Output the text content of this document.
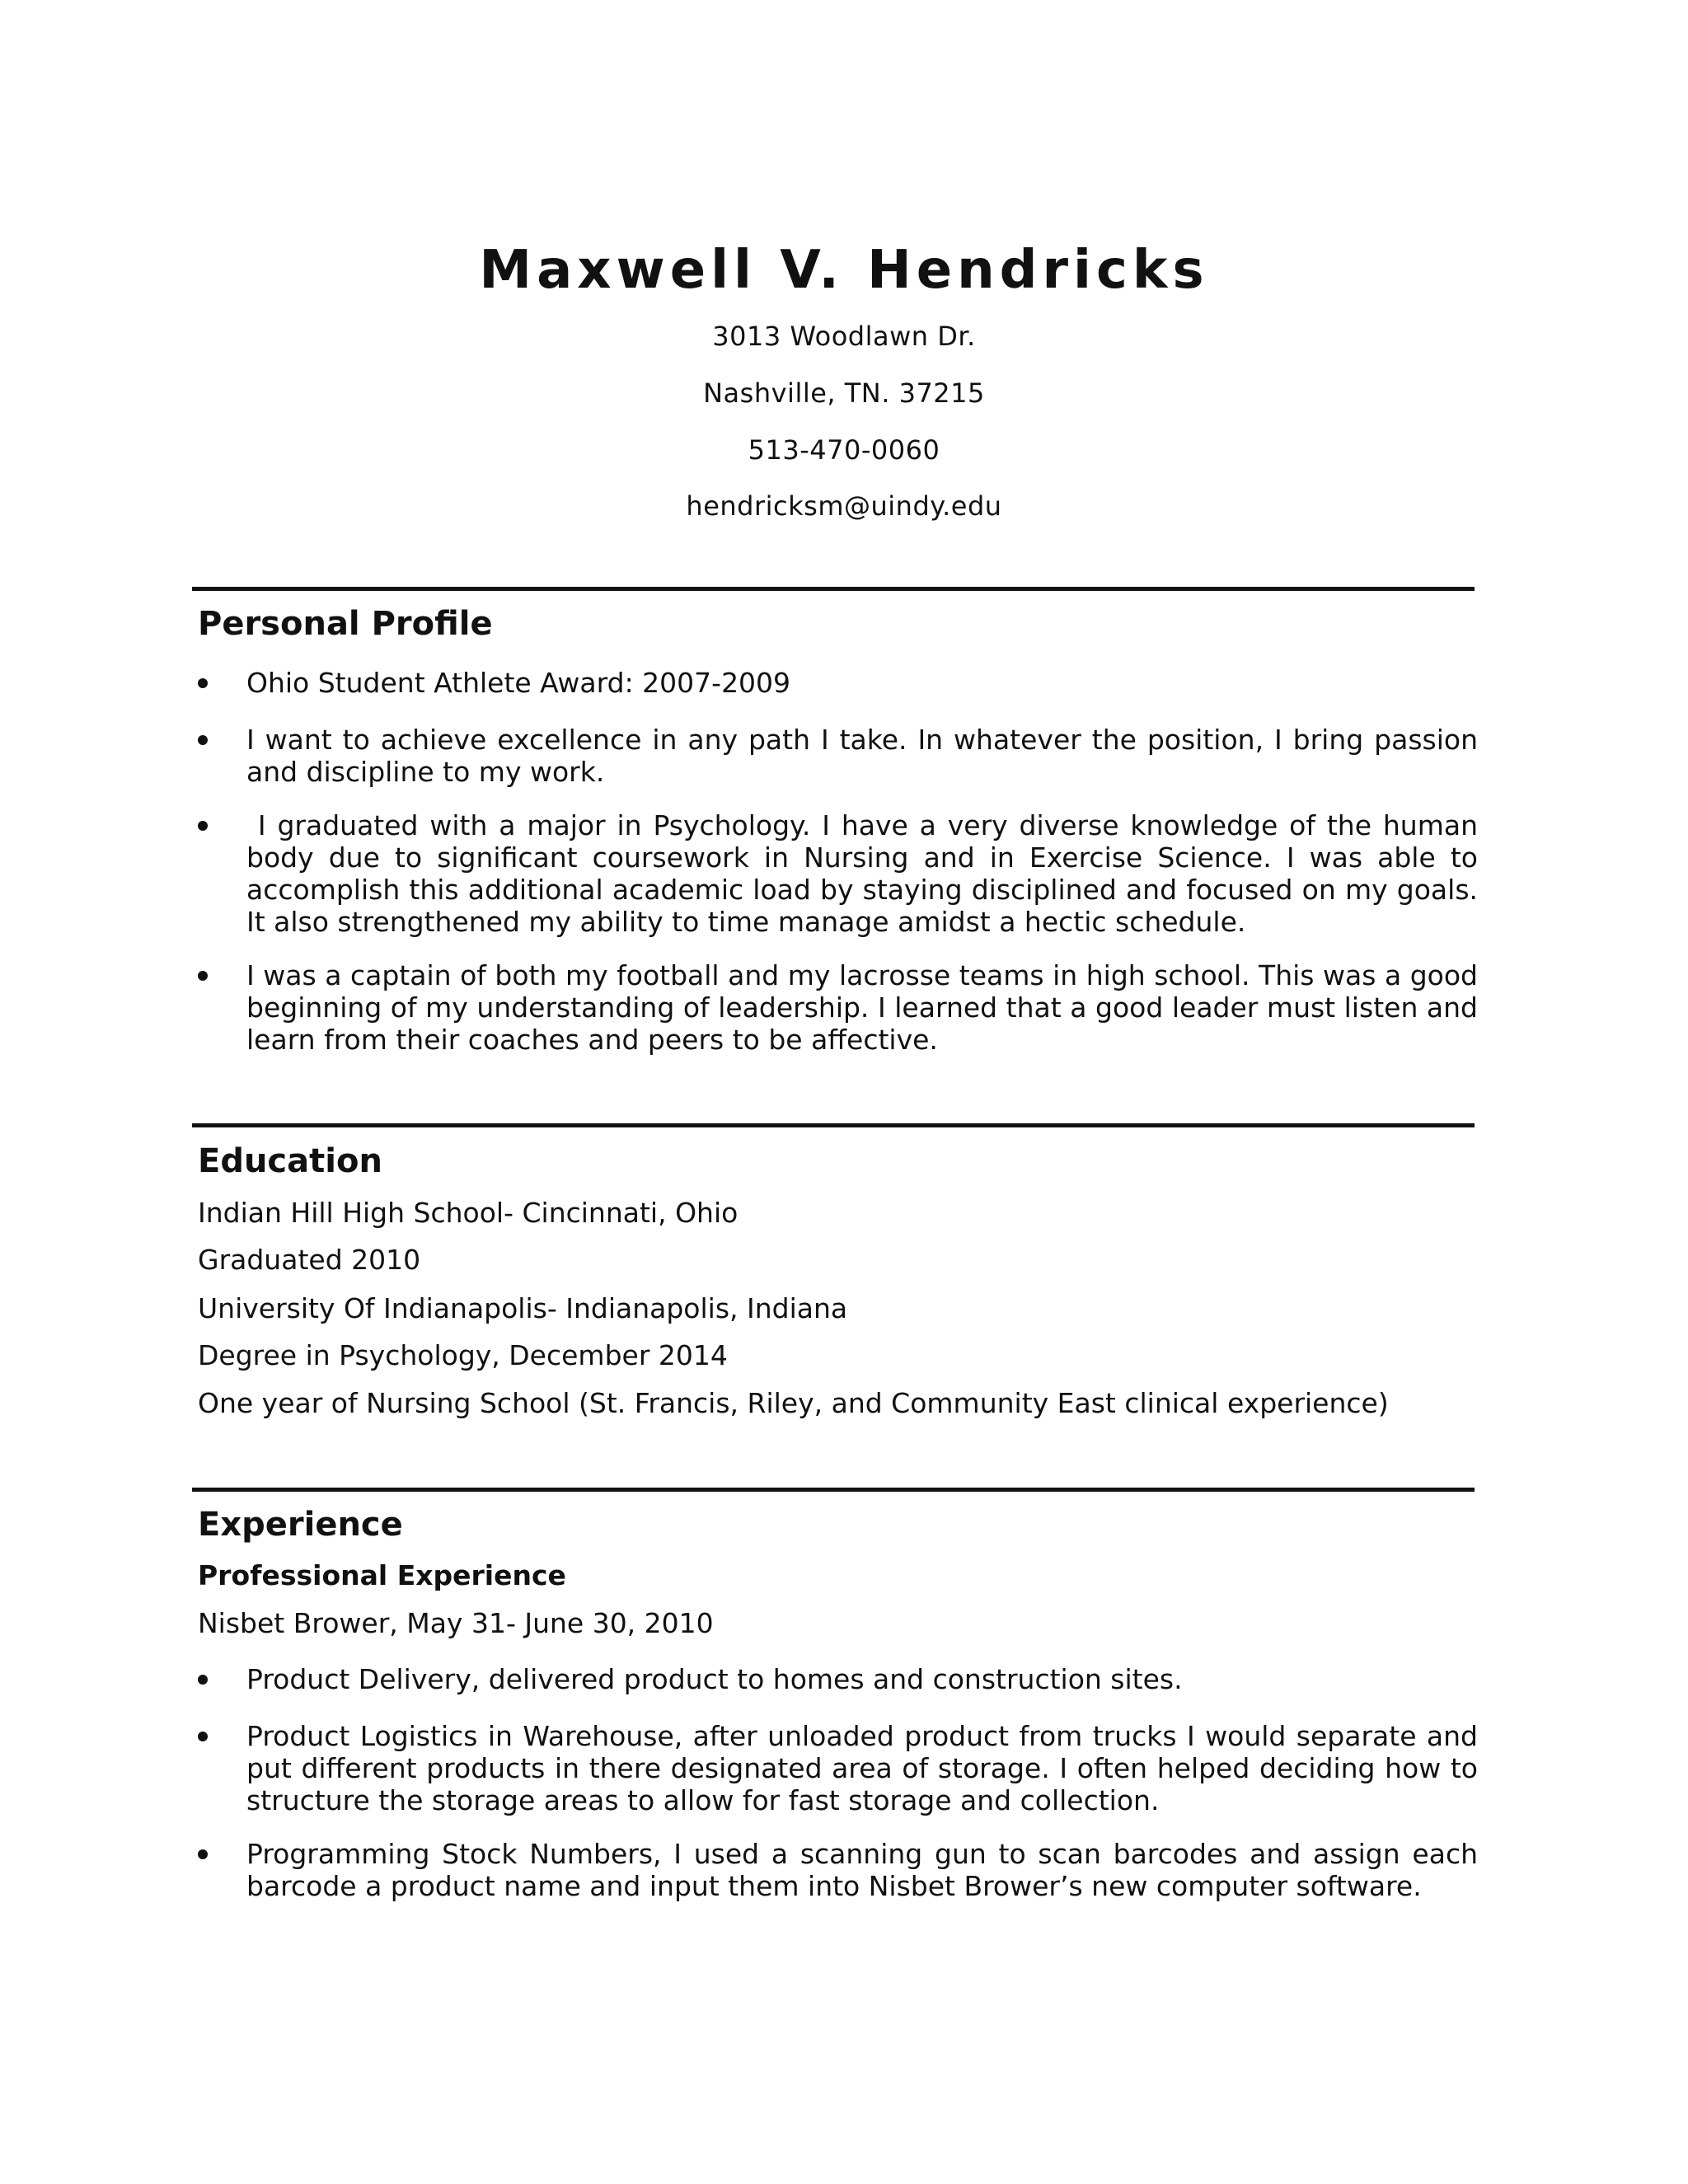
Maxwell V. Hendricks

3013 Woodlawn Dr.

Nashville, TN. 37215

513-470-0060

hendricksm@uindy.edu

Personal Profile
Ohio Student Athlete Award: 2007-2009
I want to achieve excellence in any path I take. In whatever the position, I bring passion and discipline to my work.
I graduated with a major in Psychology. I have a very diverse knowledge of the human body due to significant coursework in Nursing and in Exercise Science. I was able to accomplish this additional academic load by staying disciplined and focused on my goals. It also strengthened my ability to time manage amidst a hectic schedule.
I was a captain of both my football and my lacrosse teams in high school. This was a good beginning of my understanding of leadership. I learned that a good leader must listen and learn from their coaches and peers to be affective.
Education

Indian Hill High School- Cincinnati, Ohio

Graduated 2010

University Of Indianapolis- Indianapolis, Indiana

Degree in Psychology, December 2014

One year of Nursing School (St. Francis, Riley, and Community East clinical experience)

Experience

Professional Experience

Nisbet Brower, May 31- June 30, 2010

Product Delivery, delivered product to homes and construction sites.
Product Logistics in Warehouse, after unloaded product from trucks I would separate and put different products in there designated area of storage. I often helped deciding how to structure the storage areas to allow for fast storage and collection.
Programming Stock Numbers, I used a scanning gun to scan barcodes and assign each barcode a product name and input them into Nisbet Brower’s new computer software.
